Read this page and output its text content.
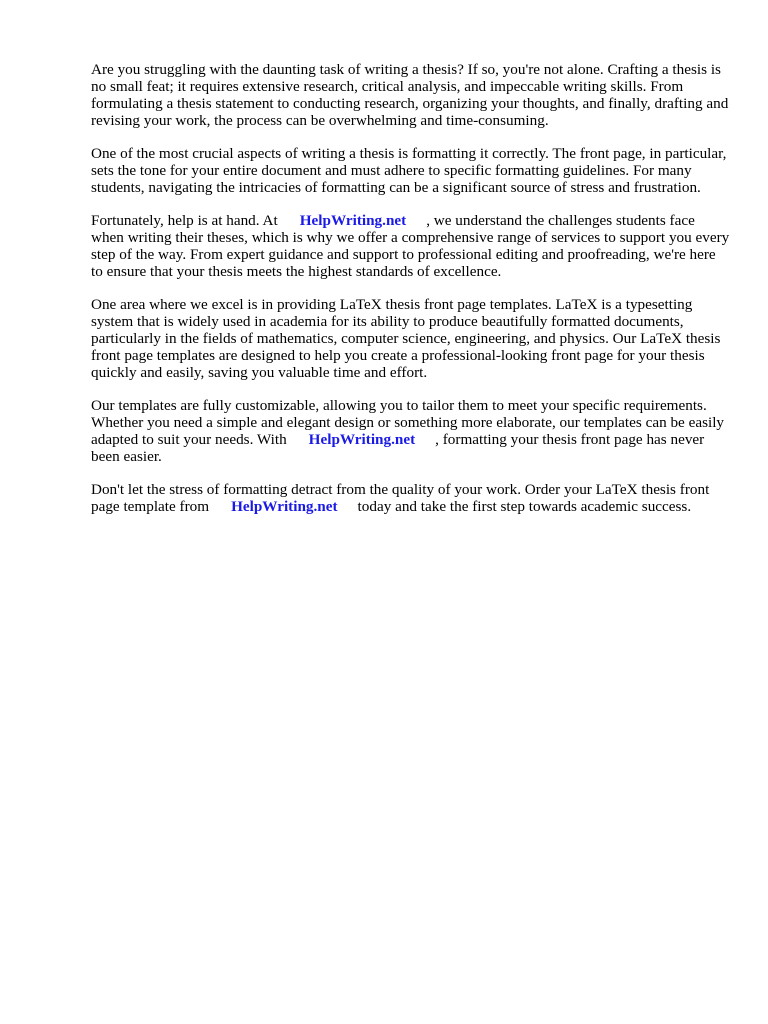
Are you struggling with the daunting task of writing a thesis? If so, you're not alone. Crafting a thesis is no small feat; it requires extensive research, critical analysis, and impeccable writing skills. From formulating a thesis statement to conducting research, organizing your thoughts, and finally, drafting and revising your work, the process can be overwhelming and time-consuming.

One of the most crucial aspects of writing a thesis is formatting it correctly. The front page, in particular, sets the tone for your entire document and must adhere to specific formatting guidelines. For many students, navigating the intricacies of formatting can be a significant source of stress and frustration.

Fortunately, help is at hand. At HelpWriting.net , we understand the challenges students face when writing their theses, which is why we offer a comprehensive range of services to support you every step of the way. From expert guidance and support to professional editing and proofreading, we're here to ensure that your thesis meets the highest standards of excellence.

One area where we excel is in providing LaTeX thesis front page templates. LaTeX is a typesetting system that is widely used in academia for its ability to produce beautifully formatted documents, particularly in the fields of mathematics, computer science, engineering, and physics. Our LaTeX thesis front page templates are designed to help you create a professional-looking front page for your thesis quickly and easily, saving you valuable time and effort.

Our templates are fully customizable, allowing you to tailor them to meet your specific requirements. Whether you need a simple and elegant design or something more elaborate, our templates can be easily adapted to suit your needs. With HelpWriting.net , formatting your thesis front page has never been easier.

Don't let the stress of formatting detract from the quality of your work. Order your LaTeX thesis front page template from HelpWriting.net today and take the first step towards academic success.
